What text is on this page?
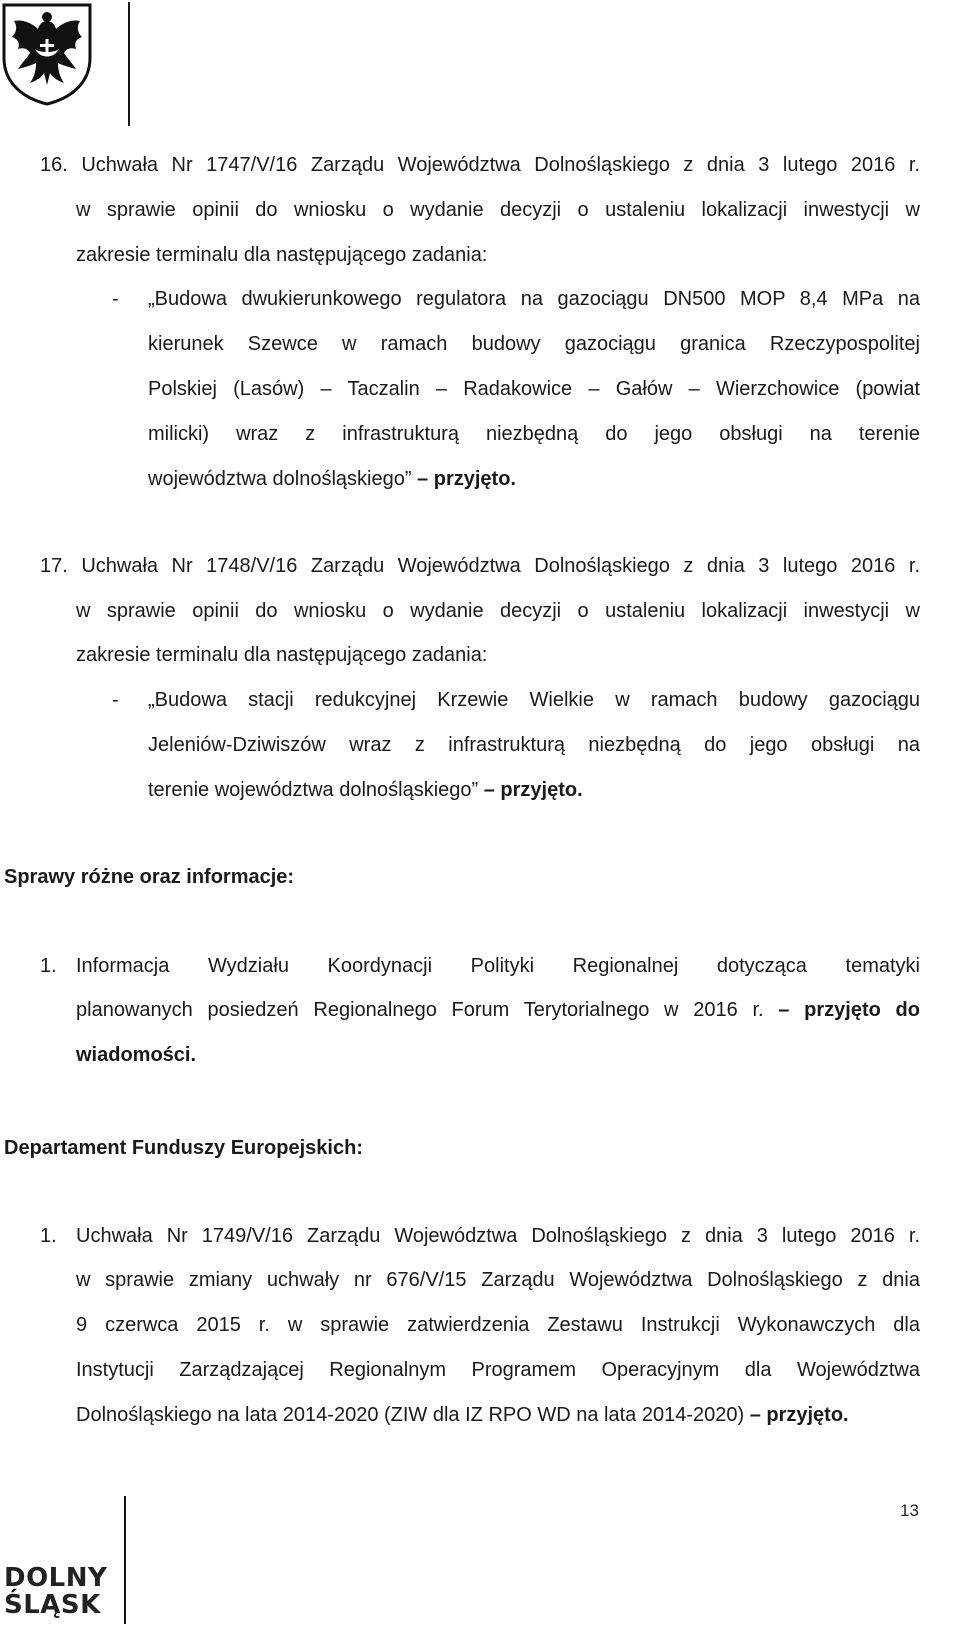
16. Uchwała Nr 1747/V/16 Zarządu Województwa Dolnośląskiego z dnia 3 lutego 2016 r.
w sprawie opinii do wniosku o wydanie decyzji o ustaleniu lokalizacji inwestycji w
zakresie terminalu dla następującego zadania:
- „Budowa dwukierunkowego regulatora na gazociągu DN500 MOP 8,4 MPa na
kierunek Szewce w ramach budowy gazociągu granica Rzeczypospolitej
Polskiej (Lasów) – Taczalin – Radakowice – Gałów – Wierzchowice (powiat
milicki) wraz z infrastrukturą niezbędną do jego obsługi na terenie
województwa dolnośląskiego” – przyjęto.
17. Uchwała Nr 1748/V/16 Zarządu Województwa Dolnośląskiego z dnia 3 lutego 2016 r.
w sprawie opinii do wniosku o wydanie decyzji o ustaleniu lokalizacji inwestycji w
zakresie terminalu dla następującego zadania:
- „Budowa stacji redukcyjnej Krzewie Wielkie w ramach budowy gazociągu
Jeleniów-Dziwiszów wraz z infrastrukturą niezbędną do jego obsługi na
terenie województwa dolnośląskiego” – przyjęto.
Sprawy różne oraz informacje:
1. Informacja Wydziału Koordynacji Polityki Regionalnej dotycząca tematyki
planowanych posiedzeń Regionalnego Forum Terytorialnego w 2016 r. – przyjęto do
wiadomości.
Departament Funduszy Europejskich:
1. Uchwała Nr 1749/V/16 Zarządu Województwa Dolnośląskiego z dnia 3 lutego 2016 r.
w sprawie zmiany uchwały nr 676/V/15 Zarządu Województwa Dolnośląskiego z dnia
9 czerwca 2015 r. w sprawie zatwierdzenia Zestawu Instrukcji Wykonawczych dla
Instytucji Zarządzającej Regionalnym Programem Operacyjnym dla Województwa
Dolnośląskiego na lata 2014-2020 (ZIW dla IZ RPO WD na lata 2014-2020) – przyjęto.
13
DOLNY
ŚLĄSK
